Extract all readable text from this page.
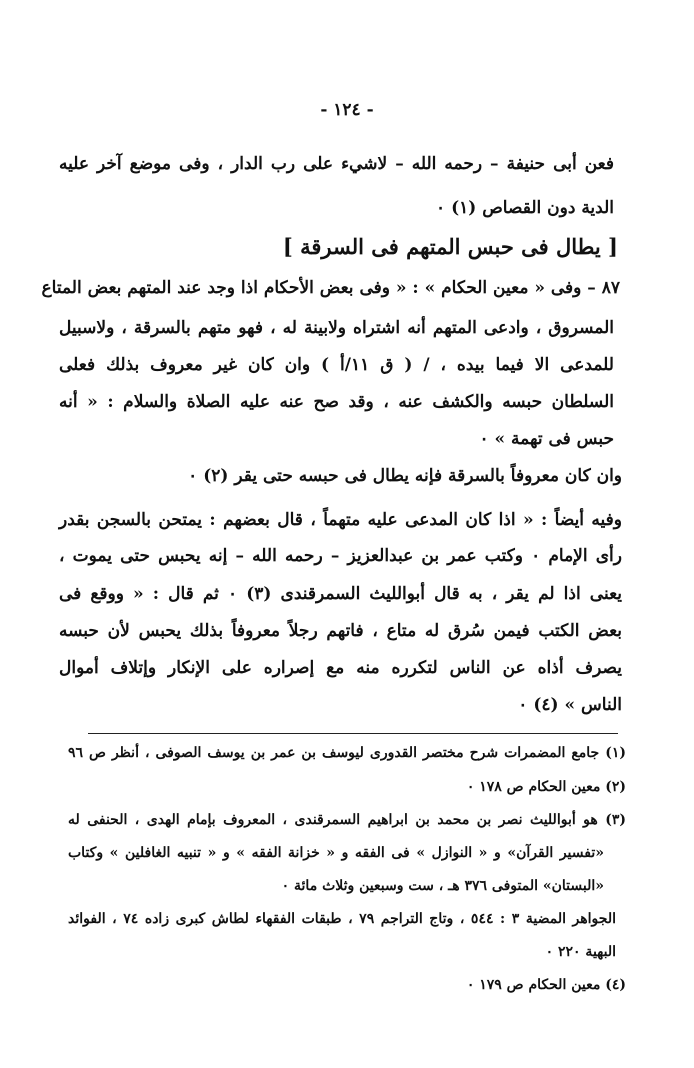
- ١٢٤ -
فعن أبى حنيفة – رحمه الله – لاشيء على رب الدار ، وفى موضع آخر عليه
الدية دون القصاص (١) ٠
[ يطال فى حبس المتهم فى السرقة ]
٨٧ – وفى « معين الحكام » : « وفى بعض الأحكام اذا وجد عند المتهم بعض المتاع
المسروق ، وادعى المتهم أنه اشتراه ولابينة له ، فهو متهم بالسرقة ، ولاسبيل
للمدعى الا فيما بيده ، / ( ق ١١/أ ) وان كان غير معروف بذلك فعلى
السلطان حبسه والكشف عنه ، وقد صح عنه عليه الصلاة والسلام : « أنه
حبس فى تهمة » ٠
وان كان معروفاً بالسرقة فإنه يطال فى حبسه حتى يقر (٢) ٠
وفيه أيضاً : « اذا كان المدعى عليه متهماً ، قال بعضهم : يمتحن بالسجن بقدر
رأى الإمام ٠ وكتب عمر بن عبدالعزيز – رحمه الله – إنه يحبس حتى يموت ،
يعنى اذا لم يقر ، به قال أبوالليث السمرقندى (٣) ٠ ثم قال : « ووقع فى
بعض الكتب فيمن سُرق له متاع ، فاتهم رجلاً معروفاً بذلك يحبس لأن حبسه
يصرف أذاه عن الناس لتكرره منه مع إصراره على الإنكار وإتلاف أموال
الناس » (٤) ٠
(١) جامع المضمرات شرح مختصر القدورى ليوسف بن عمر بن يوسف الصوفى ، أنظر ص ٩٦
(٢) معين الحكام ص ١٧٨ ٠
(٣) هو أبوالليث نصر بن محمد بن ابراهيم السمرقندى ، المعروف بإمام الهدى ، الحنفى له
«تفسير القرآن» و « النوازل » فى الفقه و « خزانة الفقه » و « تنبيه الغافلين » وكتاب
«البستان» المتوفى ٣٧٦ هـ ، ست وسبعين وثلاث مائة ٠
الجواهر المضية ٣ : ٥٤٤ ، وتاج التراجم ٧٩ ، طبقات الفقهاء لطاش كبرى زاده ٧٤ ، الفوائد
البهية ٢٢٠ ٠
(٤) معين الحكام ص ١٧٩ ٠
